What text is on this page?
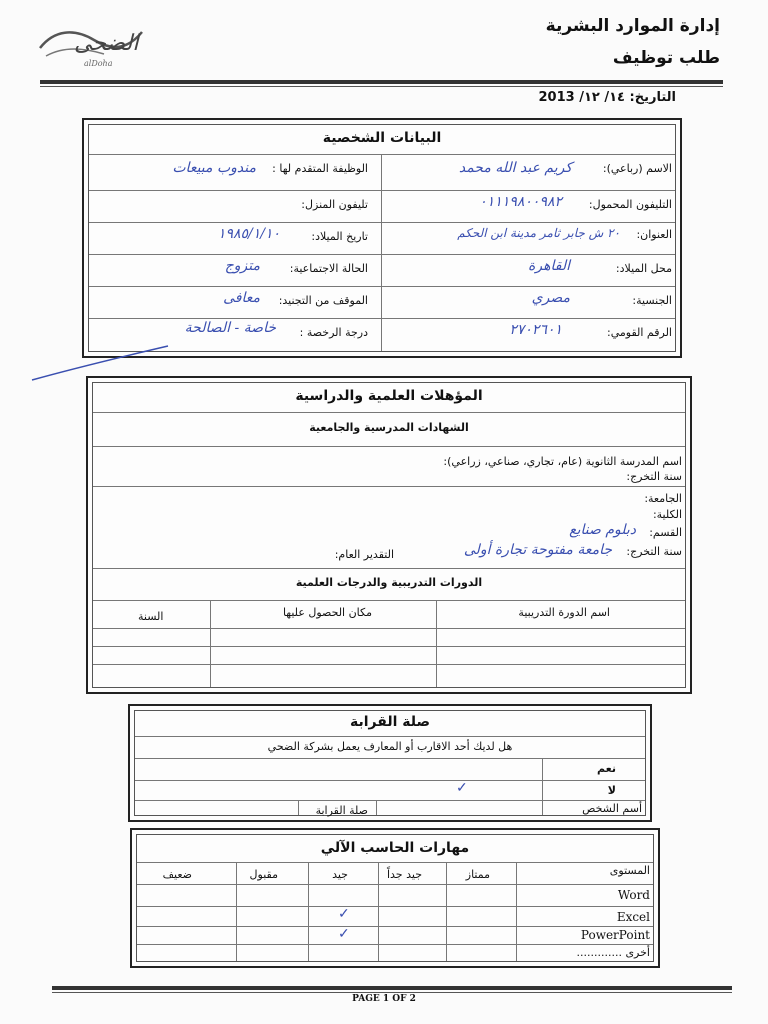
إدارة الموارد البشرية
طلب توظيف
الضحى
alDoha
التاريخ: ١٤/ ١٢/ 2013
البيانات الشخصية
الاسم (رباعي):
كريم عبد الله محمد
الوظيفة المتقدم لها :
مندوب مبيعات
التليفون المحمول:
٠١١١٩٨٠٠٩٨٢
تليفون المنزل:
العنوان:
٢٠ ش جابر ثامر مدينة ابن الحكم
تاريخ الميلاد:
١٩٨٥/١/١٠
محل الميلاد:
القاهرة
الحالة الاجتماعية:
متزوج
الجنسية:
مصري
الموقف من التجنيد:
معافى
الرقم القومي:
٢٧٠٢٦٠١
درجة الرخصة :
خاصة - الصالحة
المؤهلات العلمية والدراسية
الشهادات المدرسية والجامعية
اسم المدرسة الثانوية (عام، تجاري، صناعي، زراعي):
سنة التخرج:
الجامعة:
الكلية:
القسم:
دبلوم صنايع
سنة التخرج:
جامعة مفتوحة تجارة أولى
التقدير العام:
الدورات التدريبية والدرجات العلمية
اسم الدورة التدريبية
مكان الحصول عليها
السنة
صلة القرابة
هل لديك أحد الاقارب أو المعارف يعمل بشركة الضحي
نعم
لا
✓
أسم الشخص
صلة القرابة
مهارات الحاسب الآلي
المستوى
ممتاز
جيد جداً
جيد
مقبول
ضعيف
Word
Excel
✓
PowerPoint
✓
أخرى .............
PAGE 1 OF 2
